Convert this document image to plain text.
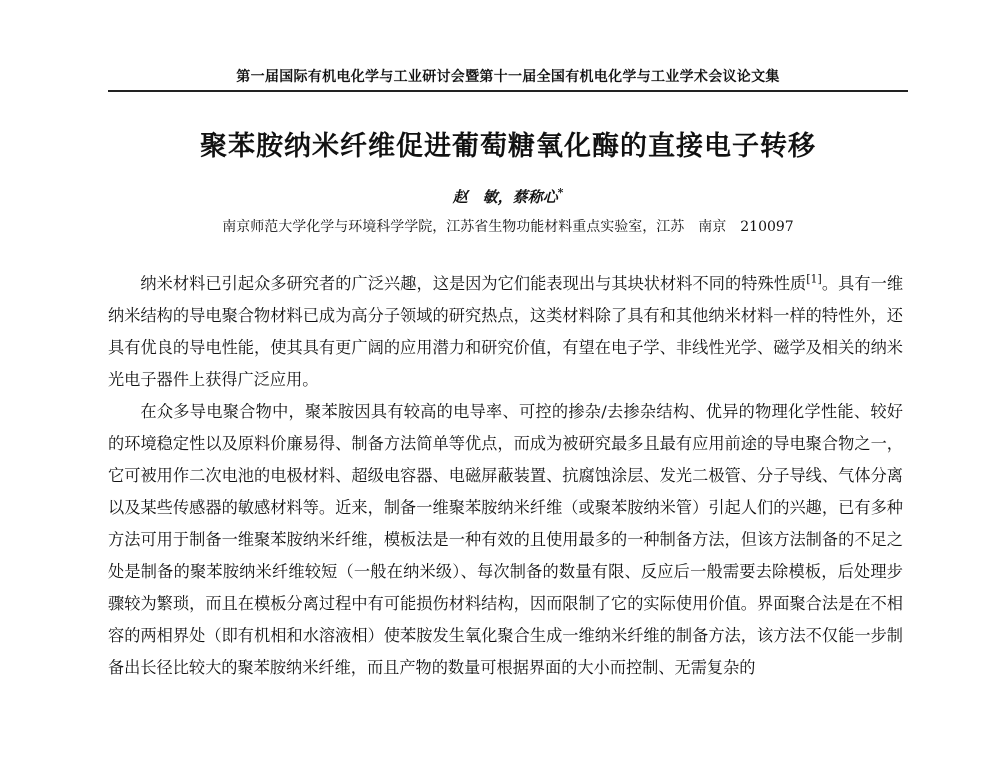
第一届国际有机电化学与工业研讨会暨第十一届全国有机电化学与工业学术会议论文集
聚苯胺纳米纤维促进葡萄糖氧化酶的直接电子转移
赵　敏，蔡称心*
南京师范大学化学与环境科学学院，江苏省生物功能材料重点实验室，江苏　南京　210097

纳米材料已引起众多研究者的广泛兴趣，这是因为它们能表现出与其块状材料不同的特殊性质[1]。具有一维纳米结构的导电聚合物材料已成为高分子领域的研究热点，这类材料除了具有和其他纳米材料一样的特性外，还具有优良的导电性能，使其具有更广阔的应用潜力和研究价值，有望在电子学、非线性光学、磁学及相关的纳米光电子器件上获得广泛应用。

在众多导电聚合物中，聚苯胺因具有较高的电导率、可控的掺杂/去掺杂结构、优异的物理化学性能、较好的环境稳定性以及原料价廉易得、制备方法简单等优点，而成为被研究最多且最有应用前途的导电聚合物之一，它可被用作二次电池的电极材料、超级电容器、电磁屏蔽装置、抗腐蚀涂层、发光二极管、分子导线、气体分离以及某些传感器的敏感材料等。近来，制备一维聚苯胺纳米纤维（或聚苯胺纳米管）引起人们的兴趣，已有多种方法可用于制备一维聚苯胺纳米纤维，模板法是一种有效的且使用最多的一种制备方法，但该方法制备的不足之处是制备的聚苯胺纳米纤维较短（一般在纳米级）、每次制备的数量有限、反应后一般需要去除模板，后处理步骤较为繁琐，而且在模板分离过程中有可能损伤材料结构，因而限制了它的实际使用价值。界面聚合法是在不相容的两相界处（即有机相和水溶液相）使苯胺发生氧化聚合生成一维纳米纤维的制备方法，该方法不仅能一步制备出长径比较大的聚苯胺纳米纤维，而且产物的数量可根据界面的大小而控制、无需复杂的
